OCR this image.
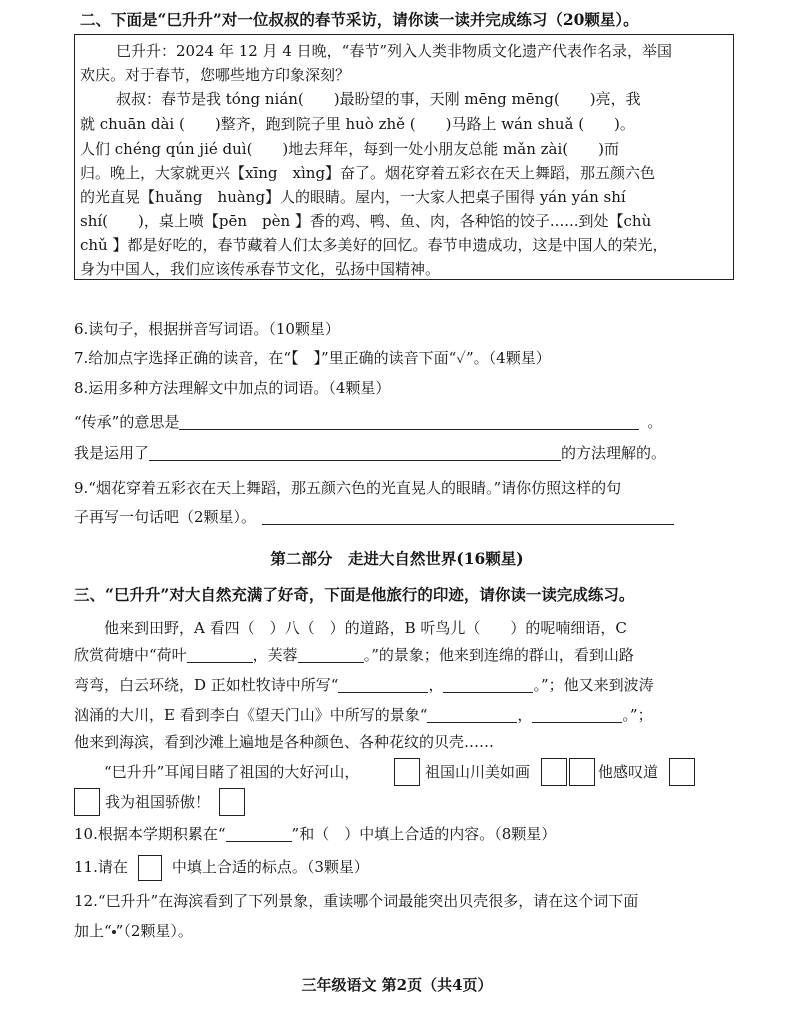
二、下面是“巳升升”对一位叔叔的春节采访，请你读一读并完成练习（20颗星）。
巳升升：2024 年 12 月 4 日晚，“春节”列入人类非物质文化遗产代表作名录，举国
欢庆。对于春节，您哪些地方印象深刻？
叔叔：春节是我 tóng nián(　　)最盼望的事，天刚 mēng mēng(　　)亮，我
就 chuān dài (　　)整齐，跑到院子里 huò zhě (　　)马路上 wán shuǎ (　　)。
人们 chéng qún jié duì(　　)地去拜年，每到一处小朋友总能 mǎn zài(　　)而
归。晚上，大家就更兴【xīng　xìng】奋了。烟花穿着五彩衣在天上舞蹈，那五颜六色
的光直晃【huǎng　huàng】人的眼睛。屋内，一大家人把桌子围得 yán yán shí
shí(　　)，桌上喷【pēn　pèn 】香的鸡、鸭、鱼、肉，各种馅的饺子......到处【chù
chǔ 】都是好吃的，春节藏着人们太多美好的回忆。春节申遗成功，这是中国人的荣光，
身为中国人，我们应该传承春节文化，弘扬中国精神。
6.读句子，根据拼音写词语。（10颗星）
7.给加点字选择正确的读音，在“【　】”里正确的读音下面“✓”。（4颗星）
8.运用多种方法理解文中加点的词语。（4颗星）
“传承”的意思是	。
我是运用了	的方法理解的。
9.“烟花穿着五彩衣在天上舞蹈，那五颜六色的光直晃人的眼睛。”请你仿照这样的句
子再写一句话吧（2颗星）。
第二部分　走进大自然世界(16颗星)
三、“巳升升”对大自然充满了好奇，下面是他旅行的印迹，请你读一读完成练习。
他来到田野，A 看四（　）八（　）的道路，B 听鸟儿（　　）的呢喃细语，C
欣赏荷塘中“荷叶	，芙蓉	。”的景象；他来到连绵的群山，看到山路
弯弯，白云环绕，D 正如杜牧诗中所写“	，	。”；他又来到波涛
汹涌的大川，E 看到李白《望天门山》中所写的景象“	，	。”；
他来到海滨，看到沙滩上遍地是各种颜色、各种花纹的贝壳……
“巳升升”耳闻目睹了祖国的大好河山，	祖国山川美如画	他感叹道
我为祖国骄傲！
10.根据本学期积累在“	”和（　）中填上合适的内容。（8颗星）
11.请在	中填上合适的标点。（3颗星）
12.“巳升升”在海滨看到了下列景象，重读哪个词最能突出贝壳很多，请在这个词下面
加上“ ”（2颗星）。
三年级语文 第2页（共4页）
